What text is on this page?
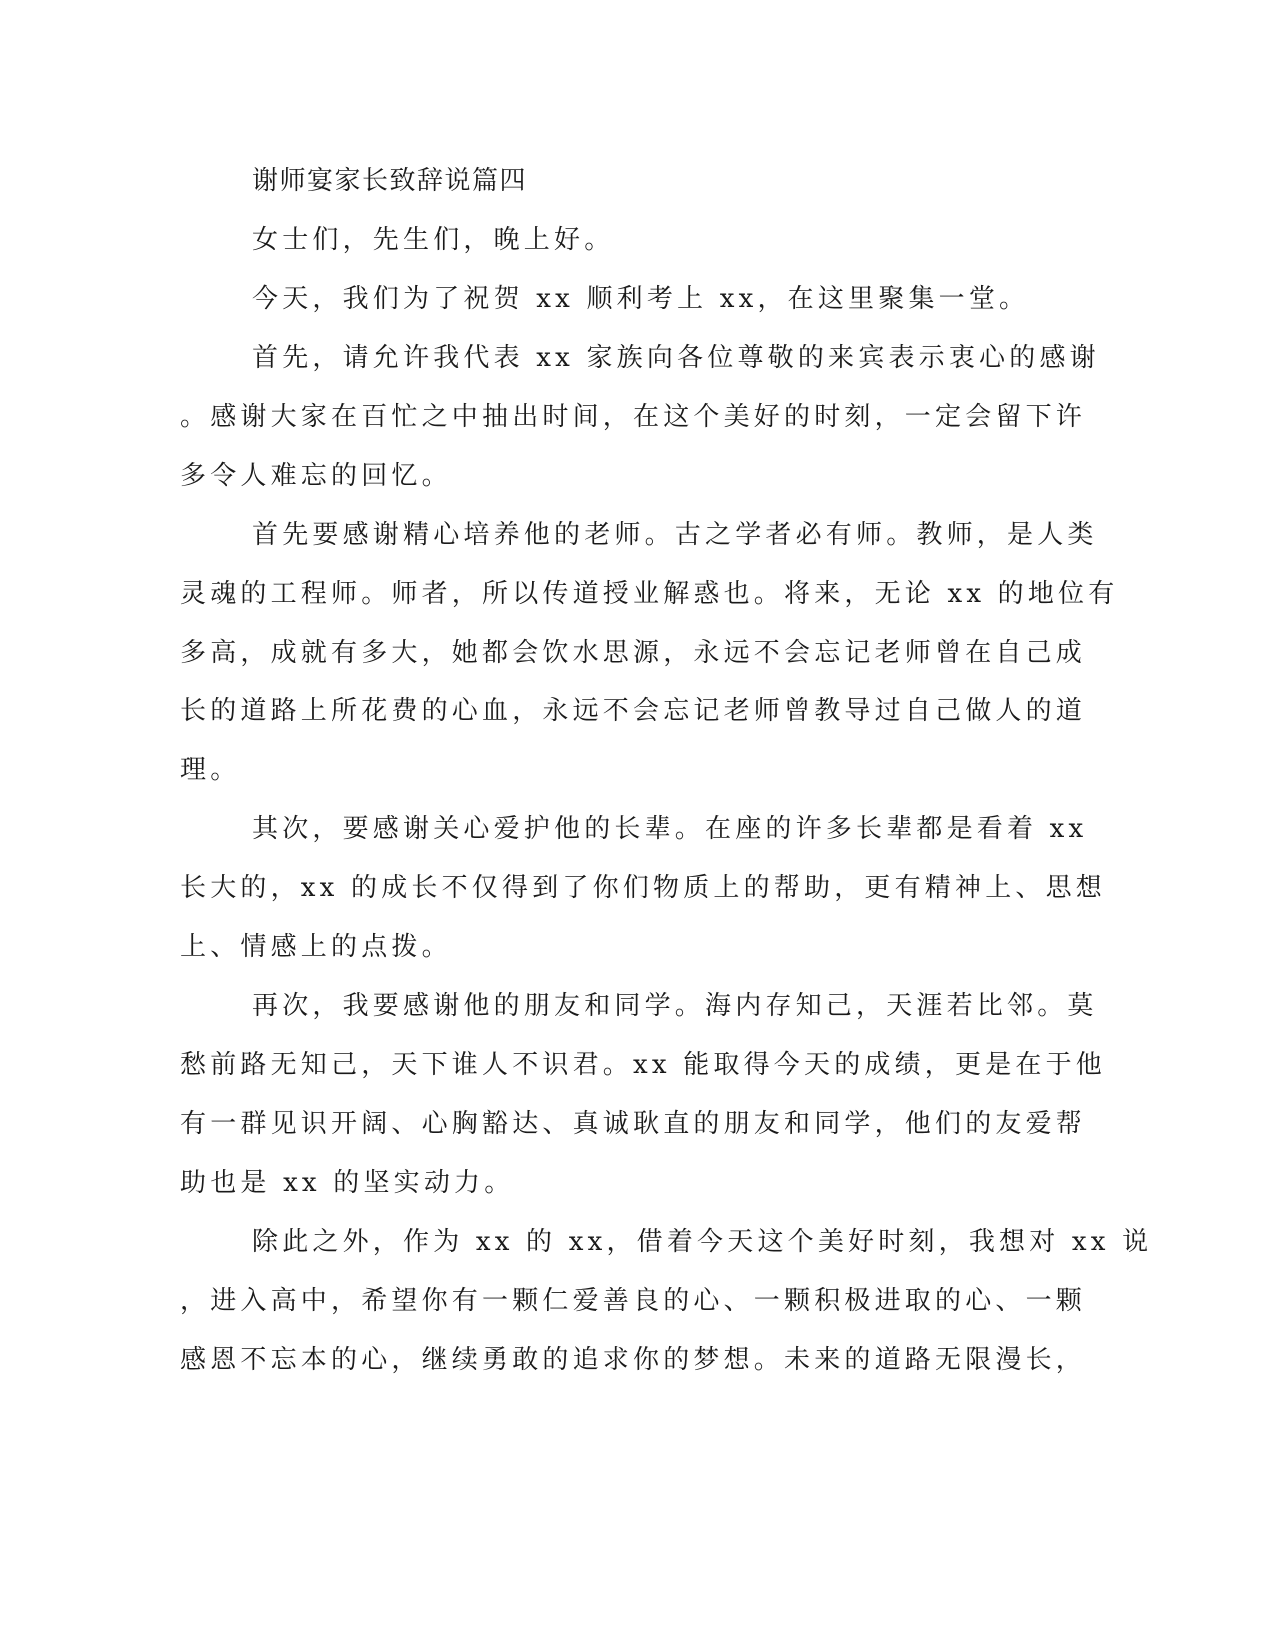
谢师宴家长致辞说篇四

女士们，先生们，晚上好。

今天，我们为了祝贺 xx 顺利考上 xx，在这里聚集一堂。

首先，请允许我代表 xx 家族向各位尊敬的来宾表示衷心的感谢

。感谢大家在百忙之中抽出时间，在这个美好的时刻，一定会留下许

多令人难忘的回忆。

首先要感谢精心培养他的老师。古之学者必有师。教师，是人类

灵魂的工程师。师者，所以传道授业解惑也。将来，无论 xx 的地位有

多高，成就有多大，她都会饮水思源，永远不会忘记老师曾在自己成

长的道路上所花费的心血，永远不会忘记老师曾教导过自己做人的道

理。

其次，要感谢关心爱护他的长辈。在座的许多长辈都是看着 xx

长大的，xx 的成长不仅得到了你们物质上的帮助，更有精神上、思想

上、情感上的点拨。

再次，我要感谢他的朋友和同学。海内存知己，天涯若比邻。莫

愁前路无知己，天下谁人不识君。xx 能取得今天的成绩，更是在于他

有一群见识开阔、心胸豁达、真诚耿直的朋友和同学，他们的友爱帮

助也是 xx 的坚实动力。

除此之外，作为 xx 的 xx，借着今天这个美好时刻，我想对 xx 说

，进入高中，希望你有一颗仁爱善良的心、一颗积极进取的心、一颗

感恩不忘本的心，继续勇敢的追求你的梦想。未来的道路无限漫长，
